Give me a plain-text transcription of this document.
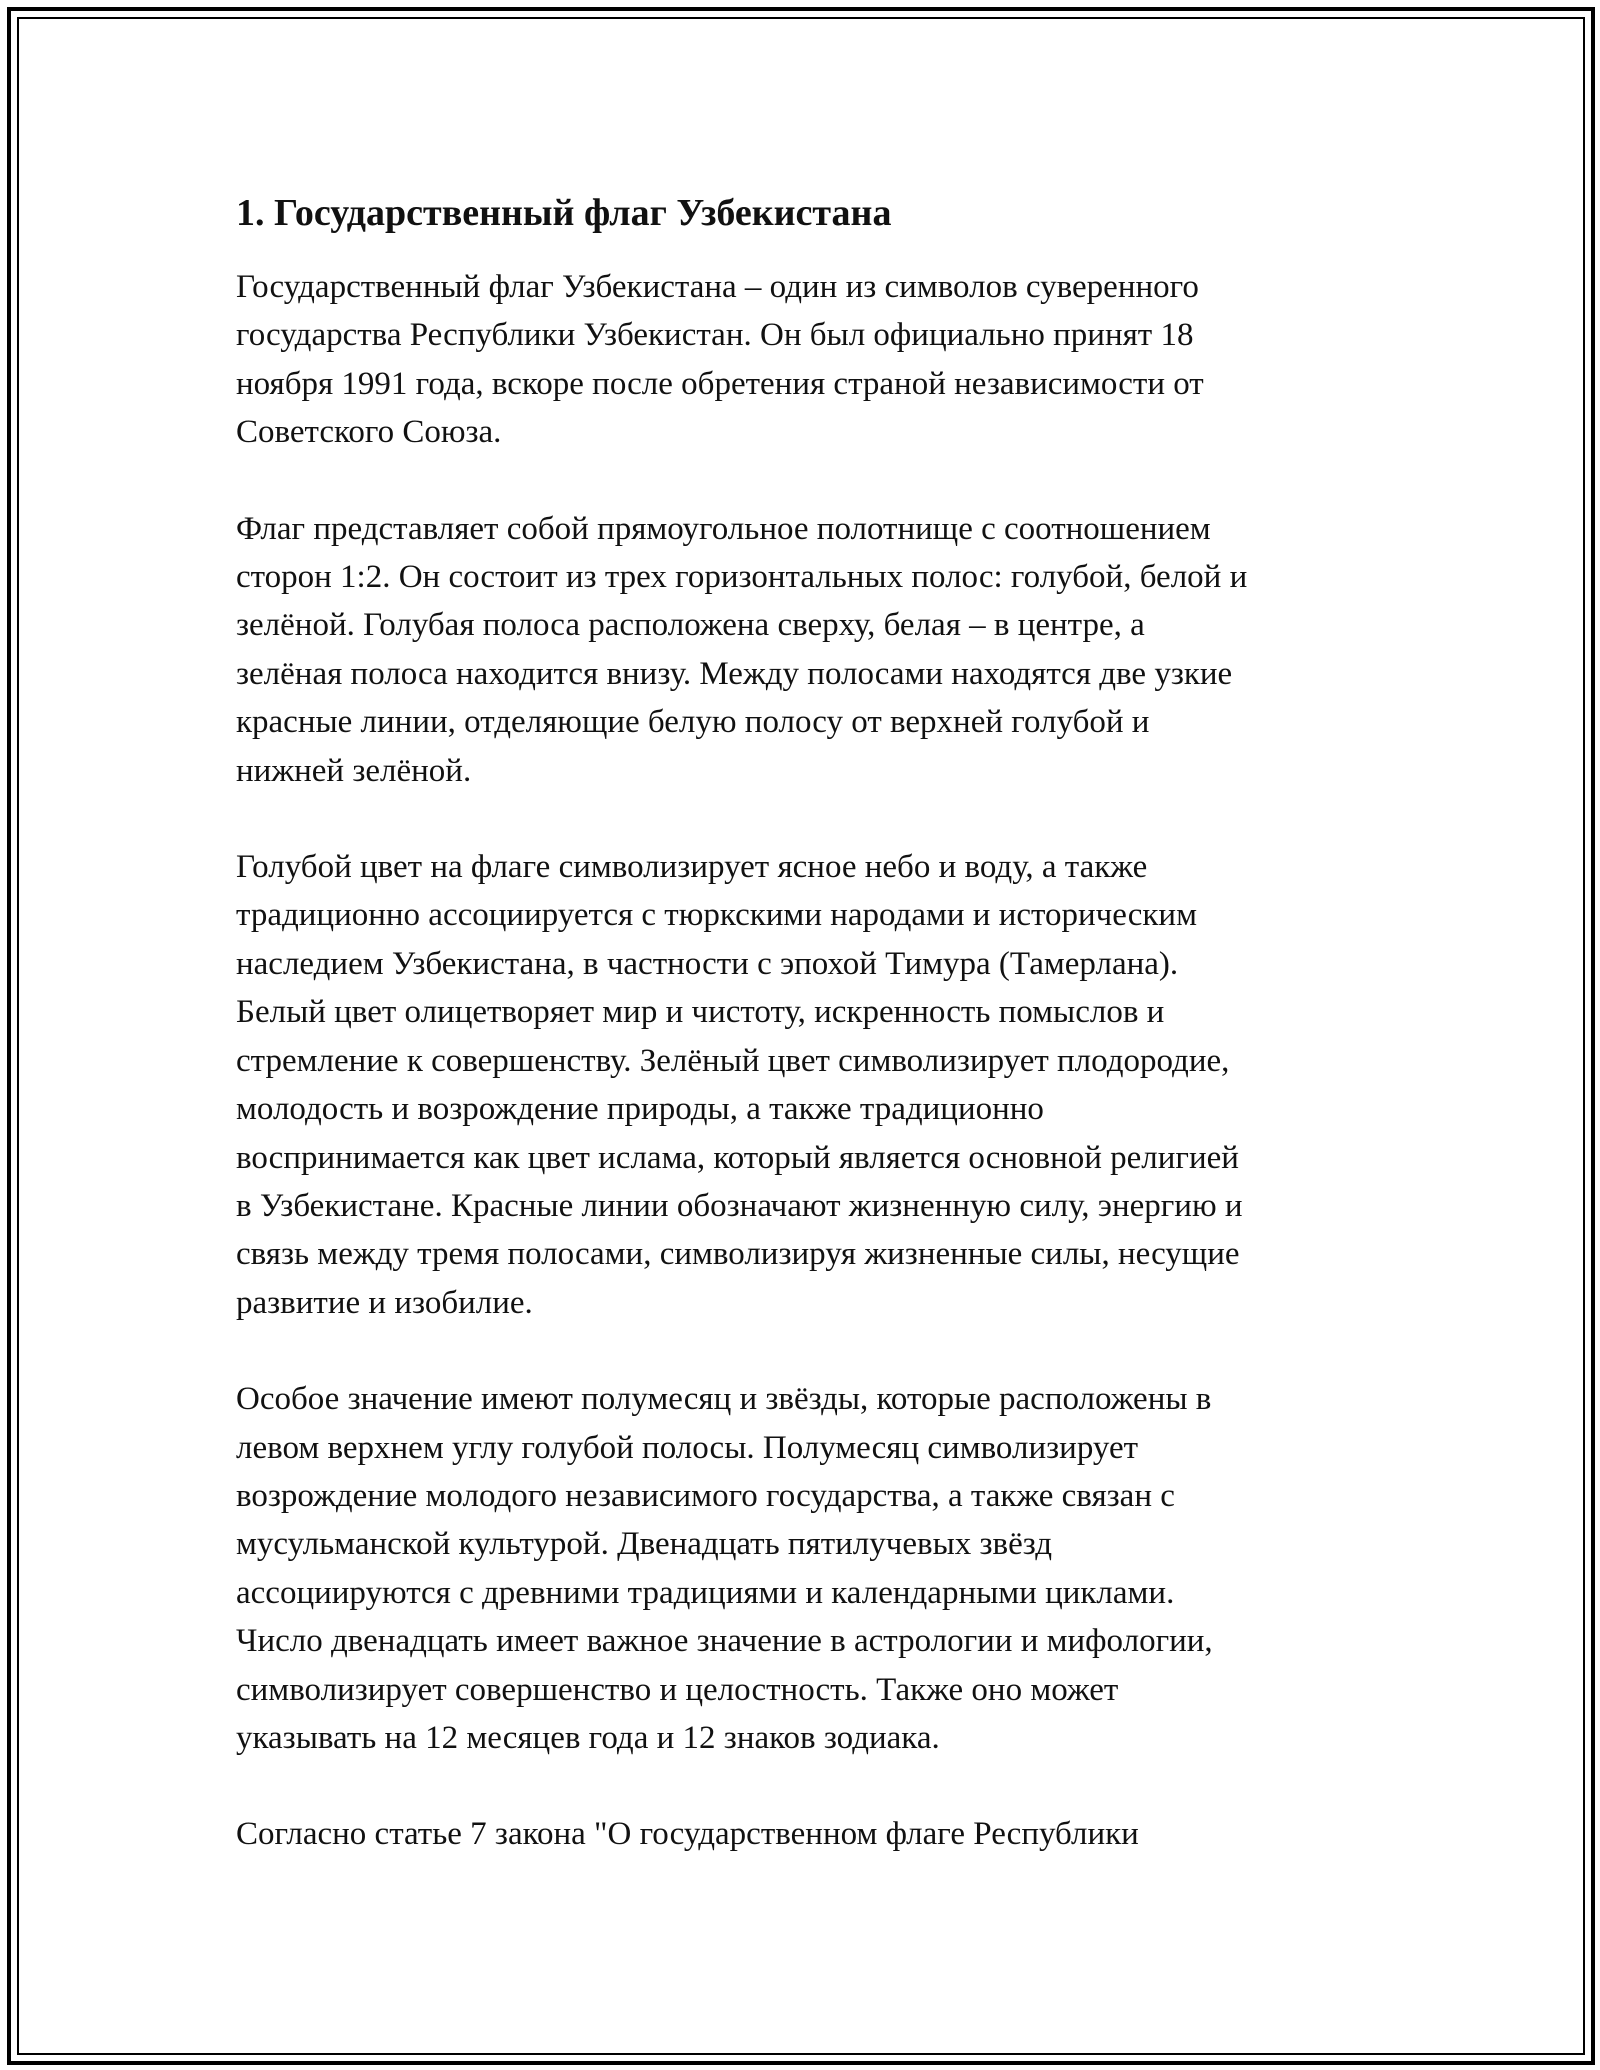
1. Государственный флаг Узбекистана

Государственный флаг Узбекистана – один из символов суверенного
государства Республики Узбекистан. Он был официально принят 18
ноября 1991 года, вскоре после обретения страной независимости от
Советского Союза.

Флаг представляет собой прямоугольное полотнище с соотношением
сторон 1:2. Он состоит из трех горизонтальных полос: голубой, белой и
зелёной. Голубая полоса расположена сверху, белая – в центре, а
зелёная полоса находится внизу. Между полосами находятся две узкие
красные линии, отделяющие белую полосу от верхней голубой и
нижней зелёной.

Голубой цвет на флаге символизирует ясное небо и воду, а также
традиционно ассоциируется с тюркскими народами и историческим
наследием Узбекистана, в частности с эпохой Тимура (Тамерлана).
Белый цвет олицетворяет мир и чистоту, искренность помыслов и
стремление к совершенству. Зелёный цвет символизирует плодородие,
молодость и возрождение природы, а также традиционно
воспринимается как цвет ислама, который является основной религией
в Узбекистане. Красные линии обозначают жизненную силу, энергию и
связь между тремя полосами, символизируя жизненные силы, несущие
развитие и изобилие.

Особое значение имеют полумесяц и звёзды, которые расположены в
левом верхнем углу голубой полосы. Полумесяц символизирует
возрождение молодого независимого государства, а также связан с
мусульманской культурой. Двенадцать пятилучевых звёзд
ассоциируются с древними традициями и календарными циклами.
Число двенадцать имеет важное значение в астрологии и мифологии,
символизирует совершенство и целостность. Также оно может
указывать на 12 месяцев года и 12 знаков зодиака.

Согласно статье 7 закона "О государственном флаге Республики
